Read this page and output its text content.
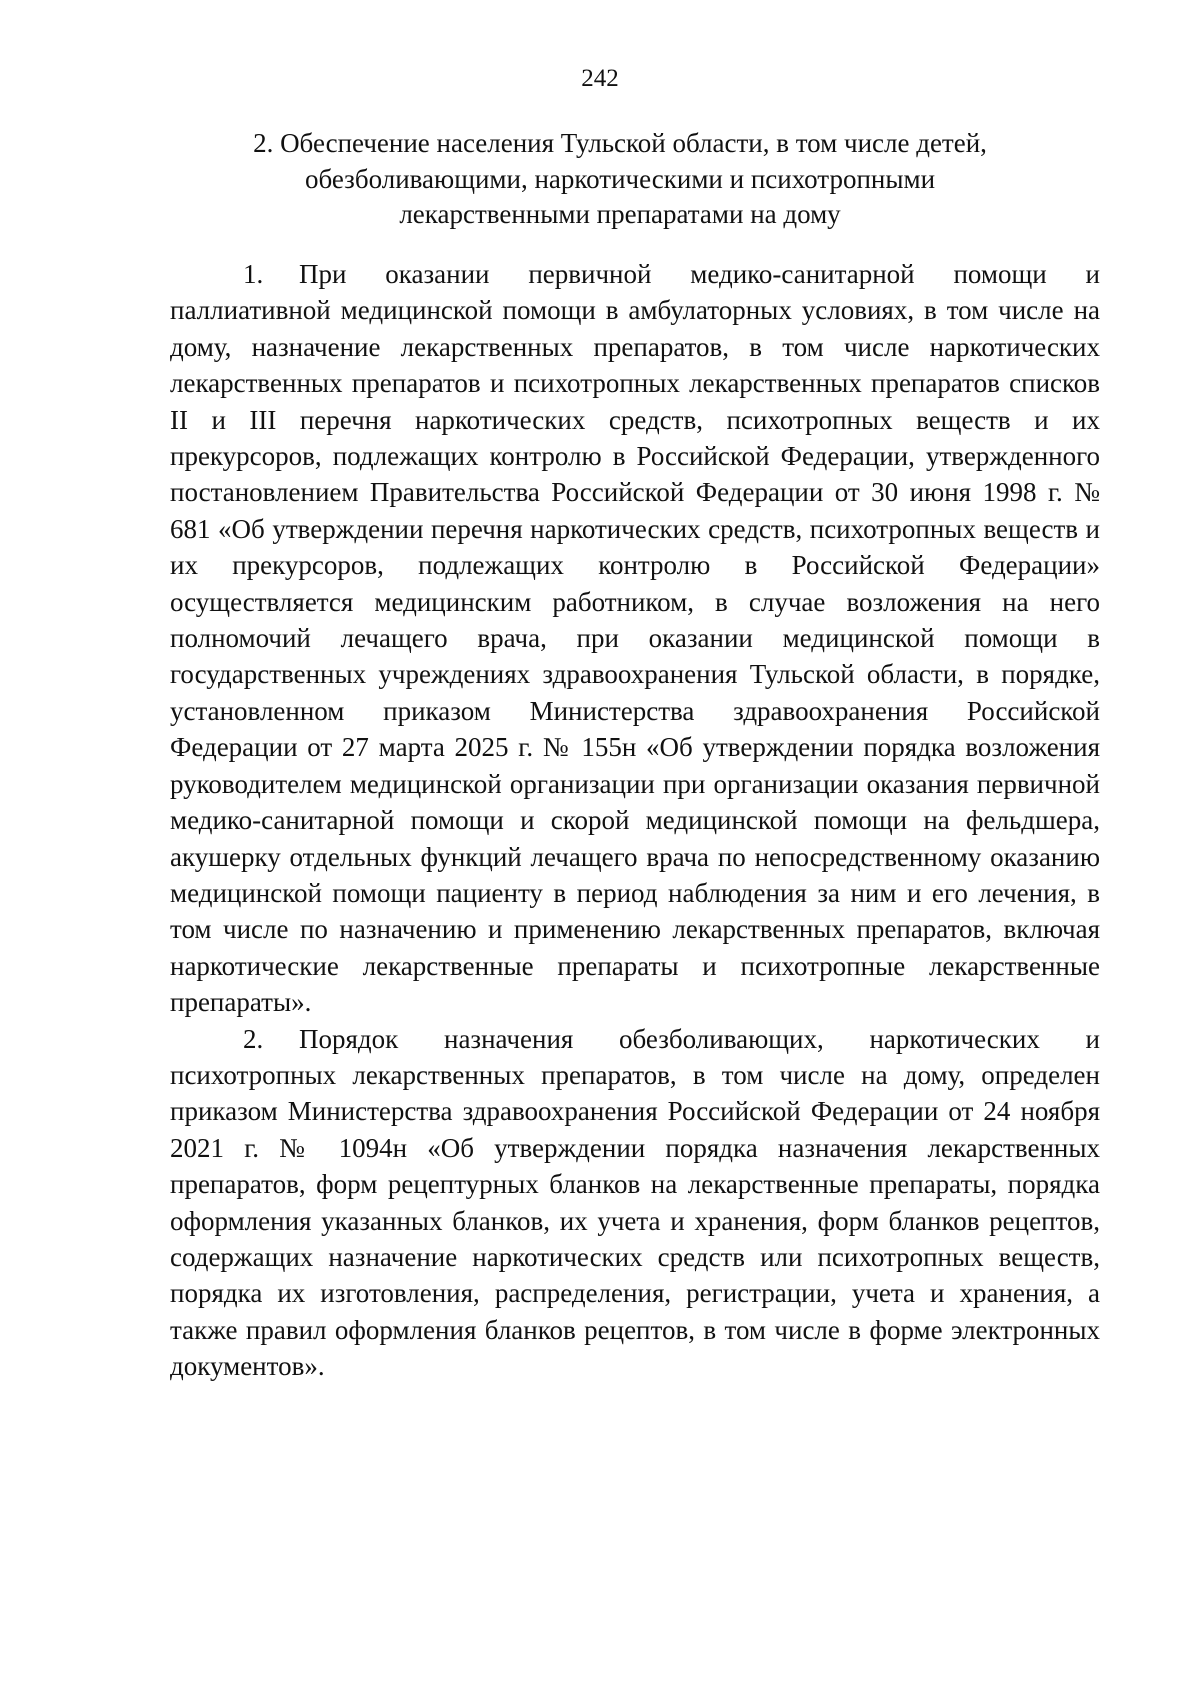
242
2. Обеспечение населения Тульской области, в том числе детей,
обезболивающими, наркотическими и психотропными
лекарственными препаратами на дому

1. При оказании первичной медико-санитарной помощи и паллиативной медицинской помощи в амбулаторных условиях, в том числе на дому, назначение лекарственных препаратов, в том числе наркотических лекарственных препаратов и психотропных лекарственных препаратов списков II и III перечня наркотических средств, психотропных веществ и их прекурсоров, подлежащих контролю в Российской Федерации, утвержденного постановлением Правительства Российской Федерации от 30 июня 1998 г. № 681 «Об утверждении перечня наркотических средств, психотропных веществ и их прекурсоров, подлежащих контролю в Российской Федерации» осуществляется медицинским работником, в случае возложения на него полномочий лечащего врача, при оказании медицинской помощи в государственных учреждениях здравоохранения Тульской области, в порядке, установленном приказом Министерства здравоохранения Российской Федерации от 27 марта 2025 г. № 155н «Об утверждении порядка возложения руководителем медицинской организации при организации оказания первичной медико-санитарной помощи и скорой медицинской помощи на фельдшера, акушерку отдельных функций лечащего врача по непосредственному оказанию медицинской помощи пациенту в период наблюдения за ним и его лечения, в том числе по назначению и применению лекарственных препаратов, включая наркотические лекарственные препараты и психотропные лекарственные препараты».

2. Порядок назначения обезболивающих, наркотических и психотропных лекарственных препаратов, в том числе на дому, определен приказом Министерства здравоохранения Российской Федерации от 24 ноября 2021 г. № 1094н «Об утверждении порядка назначения лекарственных препаратов, форм рецептурных бланков на лекарственные препараты, порядка оформления указанных бланков, их учета и хранения, форм бланков рецептов, содержащих назначение наркотических средств или психотропных веществ, порядка их изготовления, распределения, регистрации, учета и хранения, а также правил оформления бланков рецептов, в том числе в форме электронных документов».
